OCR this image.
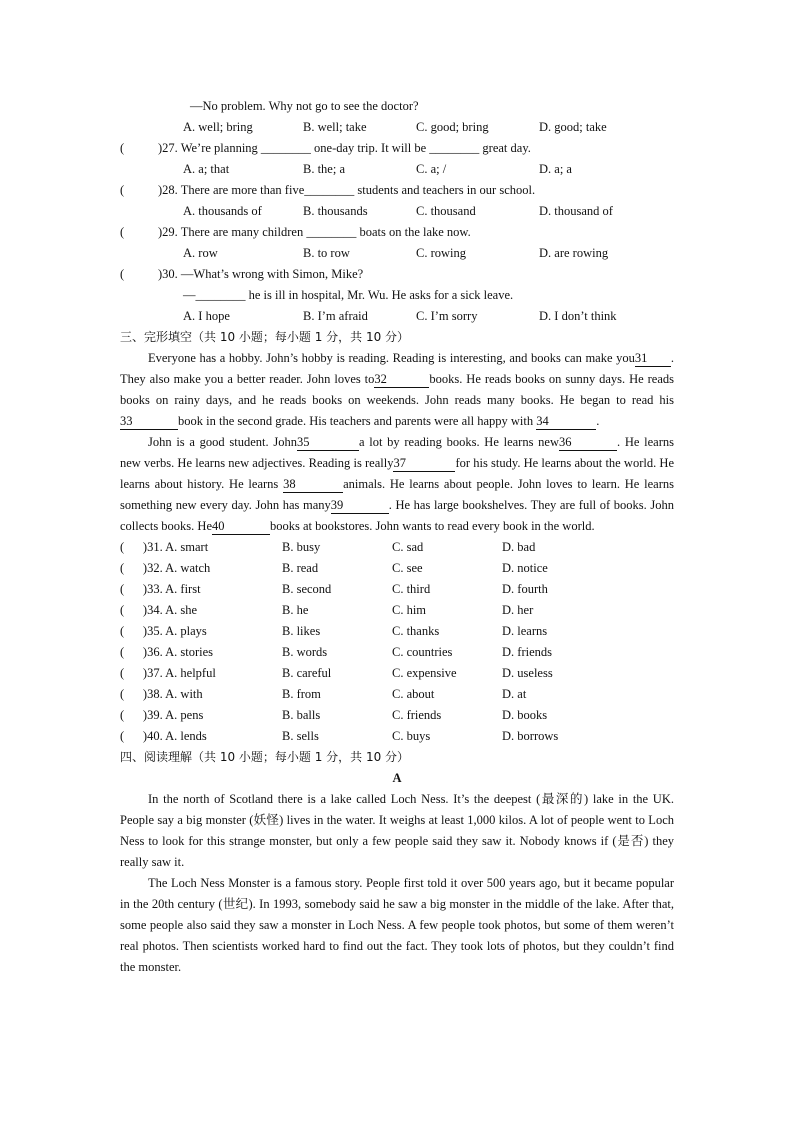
—No problem. Why not go to see the doctor?
A. well; bring	B. well; take	C. good; bring	D. good; take
(	)27. We’re planning ________ one-day trip. It will be ________ great day.
A. a; that	B. the; a	C. a; /	D. a; a
(	)28. There are more than five________ students and teachers in our school.
A. thousands of	B. thousands	C. thousand	D. thousand of
(	)29. There are many children ________ boats on the lake now.
A. row	B. to row	C. rowing	D. are rowing
(	)30. —What’s wrong with Simon, Mike?
—________ he is ill in hospital, Mr. Wu. He asks for a sick leave.
A. I hope	B. I’m afraid	C. I’m sorry	D. I don’t think
三、完形填空（共 10 小题；每小题 1 分，共 10 分）

Everyone has a hobby. John’s hobby is reading. Reading is interesting, and books can make you31 . They also make you a better reader. John loves to32	books. He reads books on sunny days. He reads books on rainy days, and he reads books on weekends. John reads many books. He began to read his33	book in the second grade. His teachers and parents were all happy with 34	.

John is a good student. John35	a lot by reading books. He learns new36	. He learns new verbs. He learns new adjectives. Reading is really37	for his study. He learns about the world. He learns about history. He learns 38	animals. He learns about people. John loves to learn. He learns something new every day. John has many39	. He has large bookshelves. They are full of books. John collects books. He40	books at bookstores. John wants to read every book in the world.

(      )31. A. smart	B. busy	C. sad	D. bad
(      )32. A. watch	B. read	C. see	D. notice
(      )33. A. first	B. second	C. third	D. fourth
(      )34. A. she	B. he	C. him	D. her
(      )35. A. plays	B. likes	C. thanks	D. learns
(      )36. A. stories	B. words	C. countries	D. friends
(      )37. A. helpful	B. careful	C. expensive	D. useless
(      )38. A. with	B. from	C. about	D. at
(      )39. A. pens	B. balls	C. friends	D. books
(      )40. A. lends	B. sells	C. buys	D. borrows
四、阅读理解（共 10 小题；每小题 1 分，共 10 分）
A

In the north of Scotland there is a lake called Loch Ness. It’s the deepest (最深的) lake in the UK. People say a big monster (妖怪) lives in the water. It weighs at least 1,000 kilos. A lot of people went to Loch Ness to look for this strange monster, but only a few people said they saw it. Nobody knows if (是否) they really saw it.

The Loch Ness Monster is a famous story. People first told it over 500 years ago, but it became popular in the 20th century (世纪). In 1993, somebody said he saw a big monster in the middle of the lake. After that, some people also said they saw a monster in Loch Ness. A few people took photos, but some of them weren’t real photos. Then scientists worked hard to find out the fact. They took lots of photos, but they couldn’t find the monster.
